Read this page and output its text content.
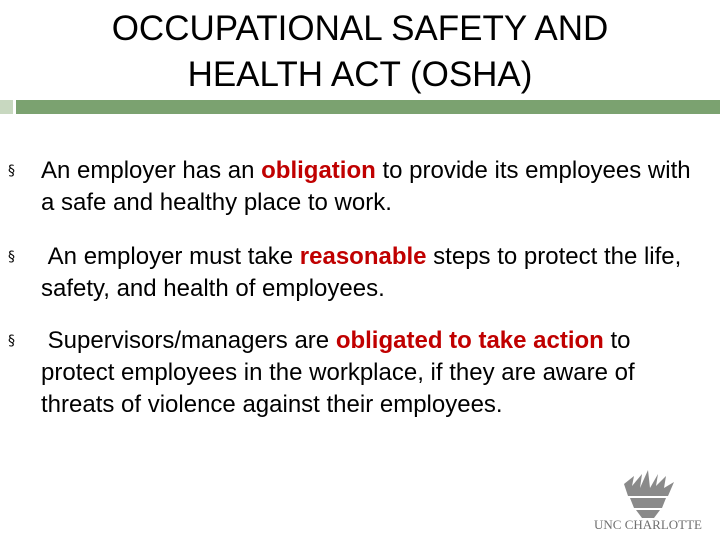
OCCUPATIONAL SAFETY AND
HEALTH ACT (OSHA)
§ An employer has an obligation to provide its employees with a safe and healthy place to work.
§ An employer must take reasonable steps to protect the life, safety, and health of employees.
§ Supervisors/managers are obligated to take action to protect employees in the workplace, if they are aware of threats of violence against their employees.
UNC CHARLOTTE
